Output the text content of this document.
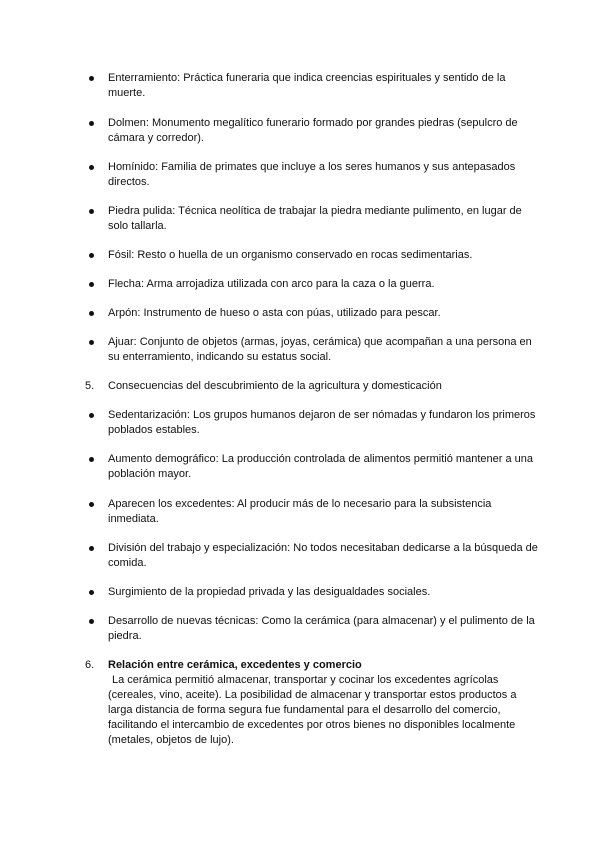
Enterramiento: Práctica funeraria que indica creencias espirituales y sentido de la muerte.
Dolmen: Monumento megalítico funerario formado por grandes piedras (sepulcro de cámara y corredor).
Homínido: Familia de primates que incluye a los seres humanos y sus antepasados directos.
Piedra pulida: Técnica neolítica de trabajar la piedra mediante pulimento, en lugar de solo tallarla.
Fósil: Resto o huella de un organismo conservado en rocas sedimentarias.
Flecha: Arma arrojadiza utilizada con arco para la caza o la guerra.
Arpón: Instrumento de hueso o asta con púas, utilizado para pescar.
Ajuar: Conjunto de objetos (armas, joyas, cerámica) que acompañan a una persona en su enterramiento, indicando su estatus social.
5. Consecuencias del descubrimiento de la agricultura y domesticación
Sedentarización: Los grupos humanos dejaron de ser nómadas y fundaron los primeros poblados estables.
Aumento demográfico: La producción controlada de alimentos permitió mantener a una población mayor.
Aparecen los excedentes: Al producir más de lo necesario para la subsistencia inmediata.
División del trabajo y especialización: No todos necesitaban dedicarse a la búsqueda de comida.
Surgimiento de la propiedad privada y las desigualdades sociales.
Desarrollo de nuevas técnicas: Como la cerámica (para almacenar) y el pulimento de la piedra.
6. Relación entre cerámica, excedentes y comercio
La cerámica permitió almacenar, transportar y cocinar los excedentes agrícolas (cereales, vino, aceite). La posibilidad de almacenar y transportar estos productos a larga distancia de forma segura fue fundamental para el desarrollo del comercio, facilitando el intercambio de excedentes por otros bienes no disponibles localmente (metales, objetos de lujo).
